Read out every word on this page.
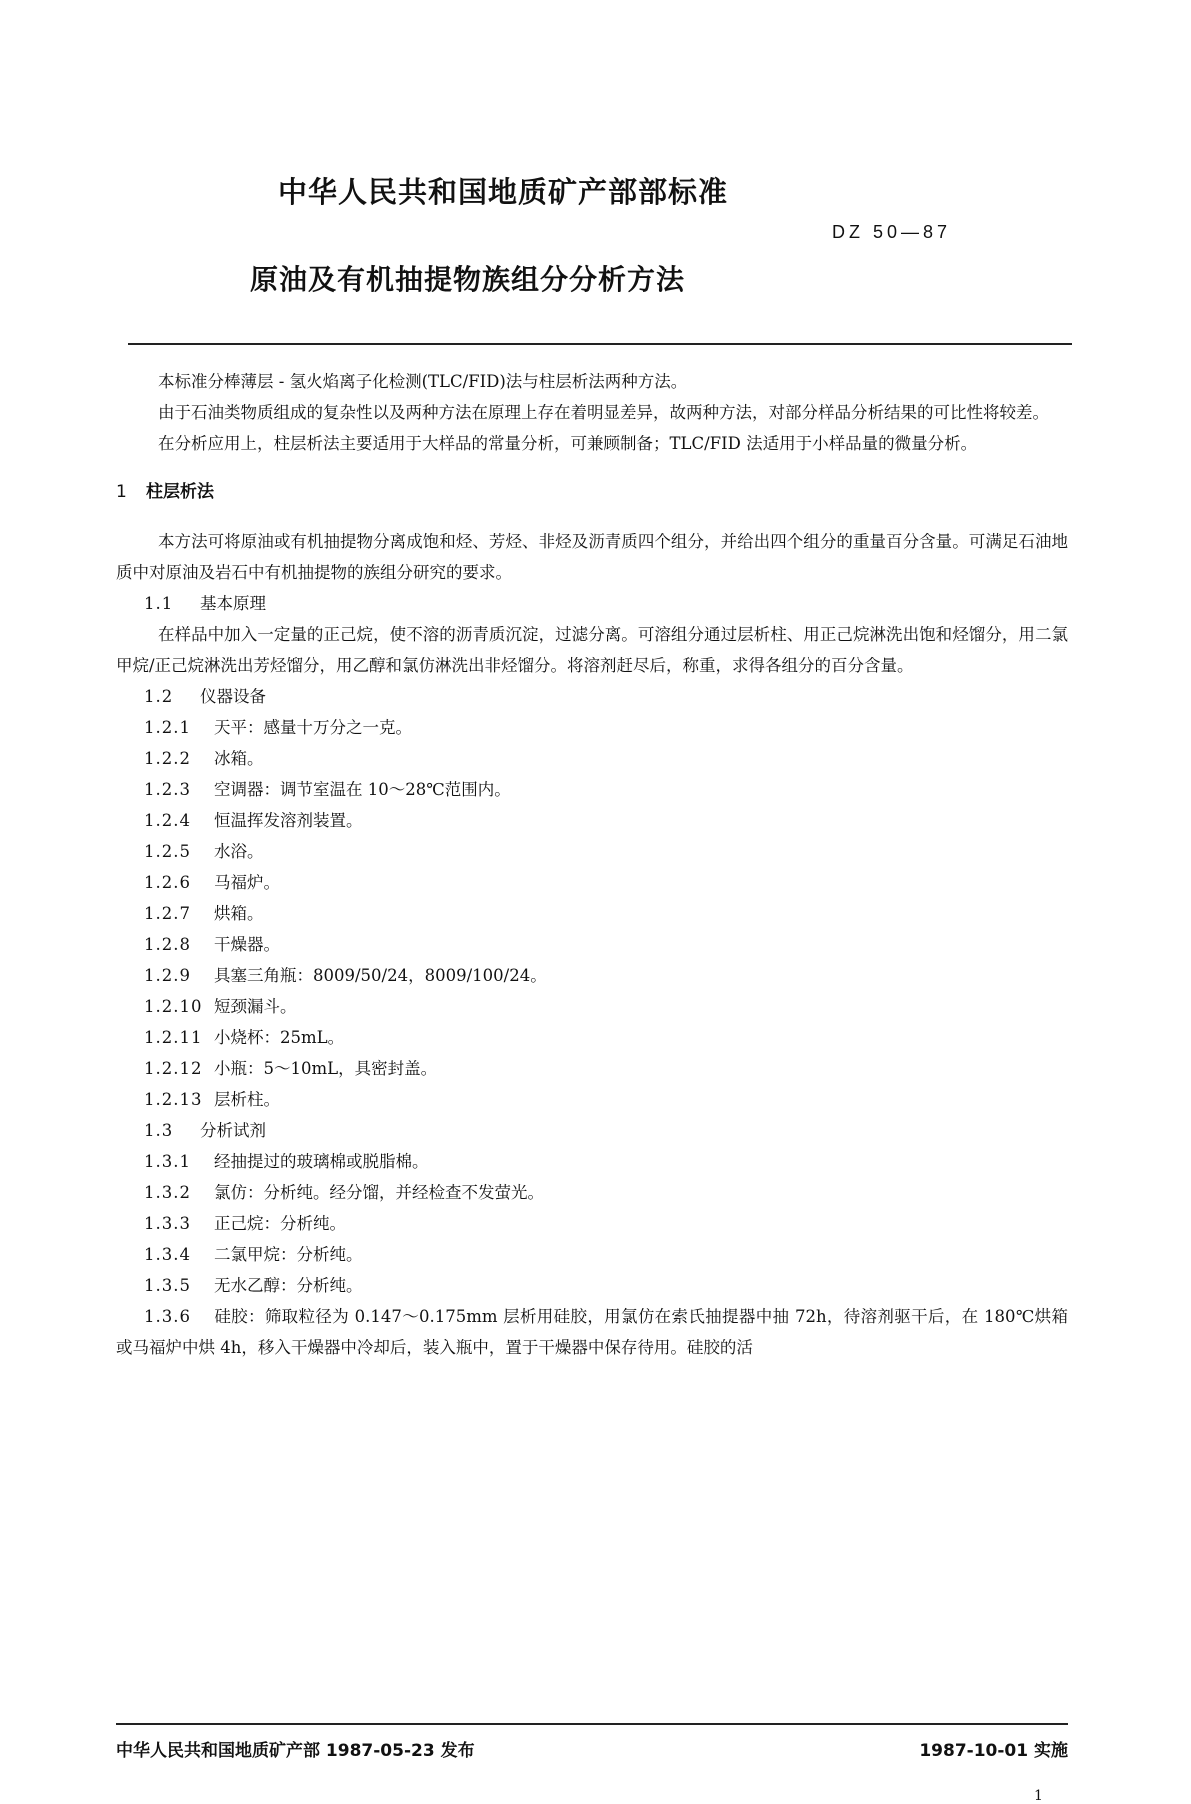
中华人民共和国地质矿产部部标准
DZ 50—87
原油及有机抽提物族组分分析方法

本标准分棒薄层 - 氢火焰离子化检测(TLC/FID)法与柱层析法两种方法。

由于石油类物质组成的复杂性以及两种方法在原理上存在着明显差异，故两种方法，对部分样品分析结果的可比性将较差。

在分析应用上，柱层析法主要适用于大样品的常量分析，可兼顾制备；TLC/FID 法适用于小样品量的微量分析。

1 柱层析法

本方法可将原油或有机抽提物分离成饱和烃、芳烃、非烃及沥青质四个组分，并给出四个组分的重量百分含量。可满足石油地质中对原油及岩石中有机抽提物的族组分研究的要求。

1.1 基本原理

在样品中加入一定量的正己烷，使不溶的沥青质沉淀，过滤分离。可溶组分通过层析柱、用正己烷淋洗出饱和烃馏分，用二氯甲烷/正己烷淋洗出芳烃馏分，用乙醇和氯仿淋洗出非烃馏分。将溶剂赶尽后，称重，求得各组分的百分含量。

1.2 仪器设备

1.2.1 天平：感量十万分之一克。

1.2.2 冰箱。

1.2.3 空调器：调节室温在 10～28℃范围内。

1.2.4 恒温挥发溶剂装置。

1.2.5 水浴。

1.2.6 马福炉。

1.2.7 烘箱。

1.2.8 干燥器。

1.2.9 具塞三角瓶：8009/50/24，8009/100/24。

1.2.10 短颈漏斗。

1.2.11 小烧杯：25mL。

1.2.12 小瓶：5～10mL，具密封盖。

1.2.13 层析柱。

1.3 分析试剂

1.3.1 经抽提过的玻璃棉或脱脂棉。

1.3.2 氯仿：分析纯。经分馏，并经检查不发萤光。

1.3.3 正己烷：分析纯。

1.3.4 二氯甲烷：分析纯。

1.3.5 无水乙醇：分析纯。

1.3.6 硅胶：筛取粒径为 0.147～0.175mm 层析用硅胶，用氯仿在索氏抽提器中抽 72h，待溶剂驱干后，在 180℃烘箱或马福炉中烘 4h，移入干燥器中冷却后，装入瓶中，置于干燥器中保存待用。硅胶的活

中华人民共和国地质矿产部 1987-05-23 发布	1987-10-01 实施
1
